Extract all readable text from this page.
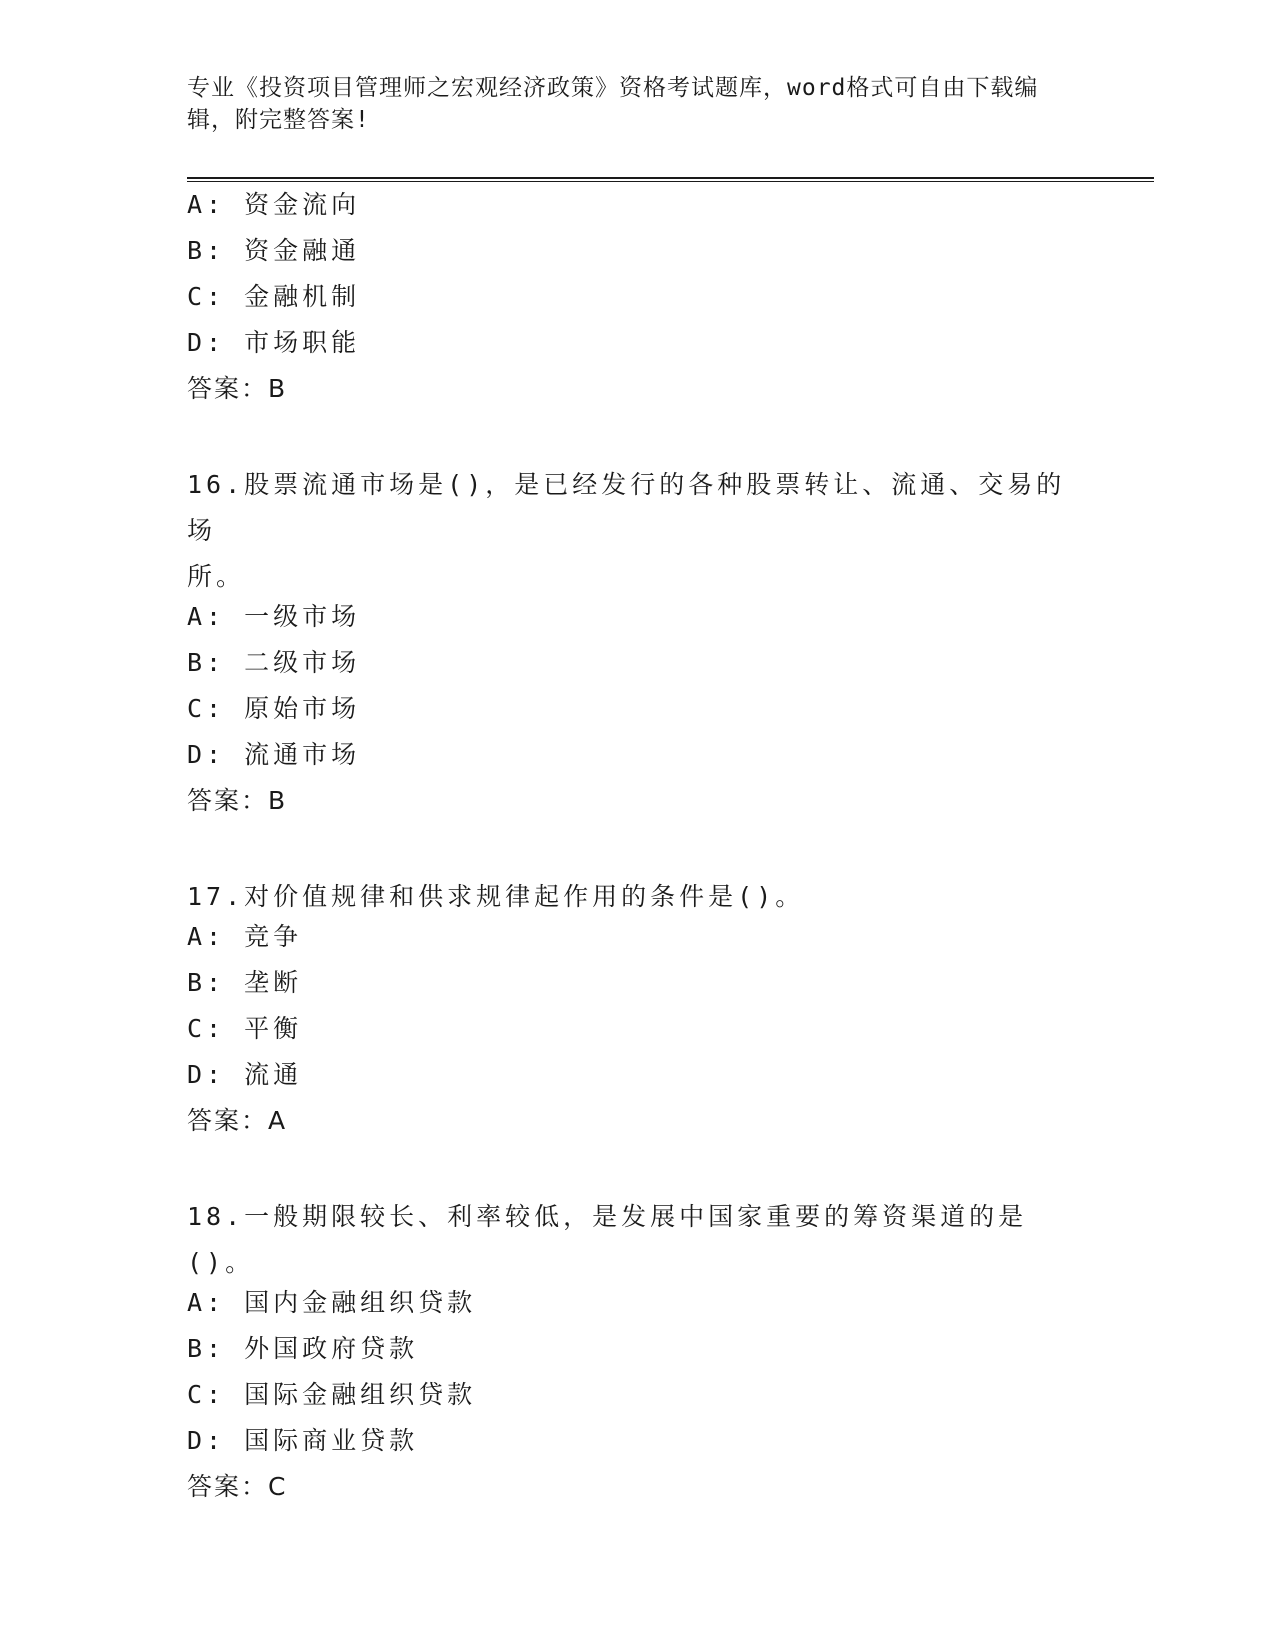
专业《投资项目管理师之宏观经济政策》资格考试题库，word格式可自由下载编
辑，附完整答案!
A: 资金流向
B: 资金融通
C: 金融机制
D: 市场职能
答案：B
16.股票流通市场是()，是已经发行的各种股票转让、流通、交易的场
所。
A: 一级市场
B: 二级市场
C: 原始市场
D: 流通市场
答案：B
17.对价值规律和供求规律起作用的条件是()。
A: 竞争
B: 垄断
C: 平衡
D: 流通
答案：A
18.一般期限较长、利率较低，是发展中国家重要的筹资渠道的是()。
A: 国内金融组织贷款
B: 外国政府贷款
C: 国际金融组织贷款
D: 国际商业贷款
答案：C
